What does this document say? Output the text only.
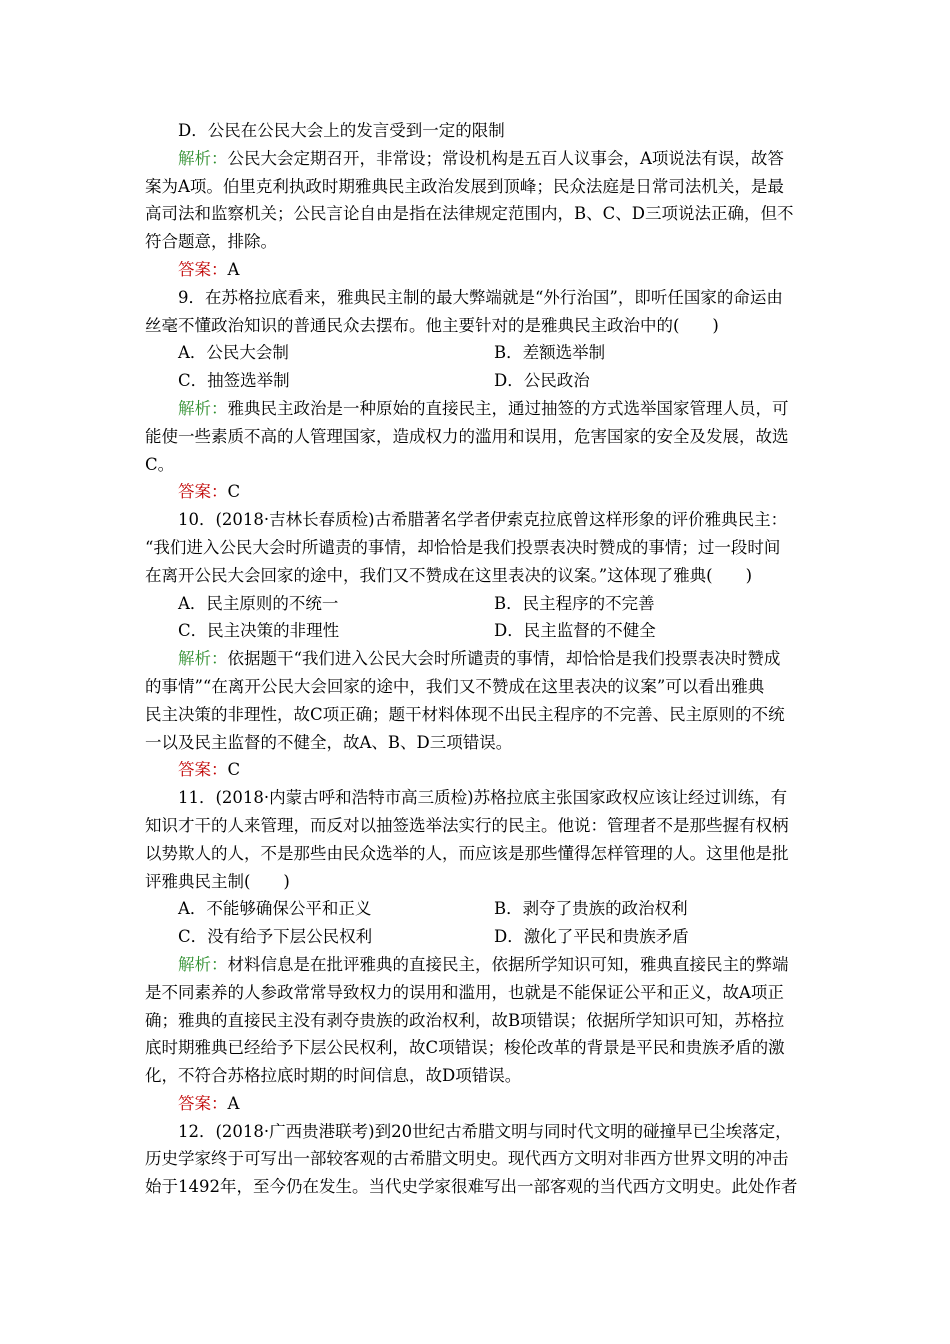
D．公民在公民大会上的发言受到一定的限制
解析：公民大会定期召开，非常设；常设机构是五百人议事会，A项说法有误，故答
案为A项。伯里克利执政时期雅典民主政治发展到顶峰；民众法庭是日常司法机关，是最
高司法和监察机关；公民言论自由是指在法律规定范围内，B、C、D三项说法正确，但不
符合题意，排除。
答案：A
9．在苏格拉底看来，雅典民主制的最大弊端就是“外行治国”，即听任国家的命运由
丝毫不懂政治知识的普通民众去摆布。他主要针对的是雅典民主政治中的(　　)
A．公民大会制	B．差额选举制
C．抽签选举制	D．公民政治
解析：雅典民主政治是一种原始的直接民主，通过抽签的方式选举国家管理人员，可
能使一些素质不高的人管理国家，造成权力的滥用和误用，危害国家的安全及发展，故选
C。
答案：C
10．(2018·吉林长春质检)古希腊著名学者伊索克拉底曾这样形象的评价雅典民主：
“我们进入公民大会时所谴责的事情，却恰恰是我们投票表决时赞成的事情；过一段时间
在离开公民大会回家的途中，我们又不赞成在这里表决的议案。”这体现了雅典(　　)
A．民主原则的不统一	B．民主程序的不完善
C．民主决策的非理性	D．民主监督的不健全
解析：依据题干“我们进入公民大会时所谴责的事情，却恰恰是我们投票表决时赞成
的事情”“在离开公民大会回家的途中，我们又不赞成在这里表决的议案”可以看出雅典
民主决策的非理性，故C项正确；题干材料体现不出民主程序的不完善、民主原则的不统
一以及民主监督的不健全，故A、B、D三项错误。
答案：C
11．(2018·内蒙古呼和浩特市高三质检)苏格拉底主张国家政权应该让经过训练，有
知识才干的人来管理，而反对以抽签选举法实行的民主。他说：管理者不是那些握有权柄
以势欺人的人，不是那些由民众选举的人，而应该是那些懂得怎样管理的人。这里他是批
评雅典民主制(　　)
A．不能够确保公平和正义	B．剥夺了贵族的政治权利
C．没有给予下层公民权利	D．激化了平民和贵族矛盾
解析：材料信息是在批评雅典的直接民主，依据所学知识可知，雅典直接民主的弊端
是不同素养的人参政常常导致权力的误用和滥用，也就是不能保证公平和正义，故A项正
确；雅典的直接民主没有剥夺贵族的政治权利，故B项错误；依据所学知识可知，苏格拉
底时期雅典已经给予下层公民权利，故C项错误；梭伦改革的背景是平民和贵族矛盾的激
化，不符合苏格拉底时期的时间信息，故D项错误。
答案：A
12．(2018·广西贵港联考)到20世纪古希腊文明与同时代文明的碰撞早已尘埃落定，
历史学家终于可写出一部较客观的古希腊文明史。现代西方文明对非西方世界文明的冲击
始于1492年，至今仍在发生。当代史学家很难写出一部客观的当代西方文明史。此处作者
